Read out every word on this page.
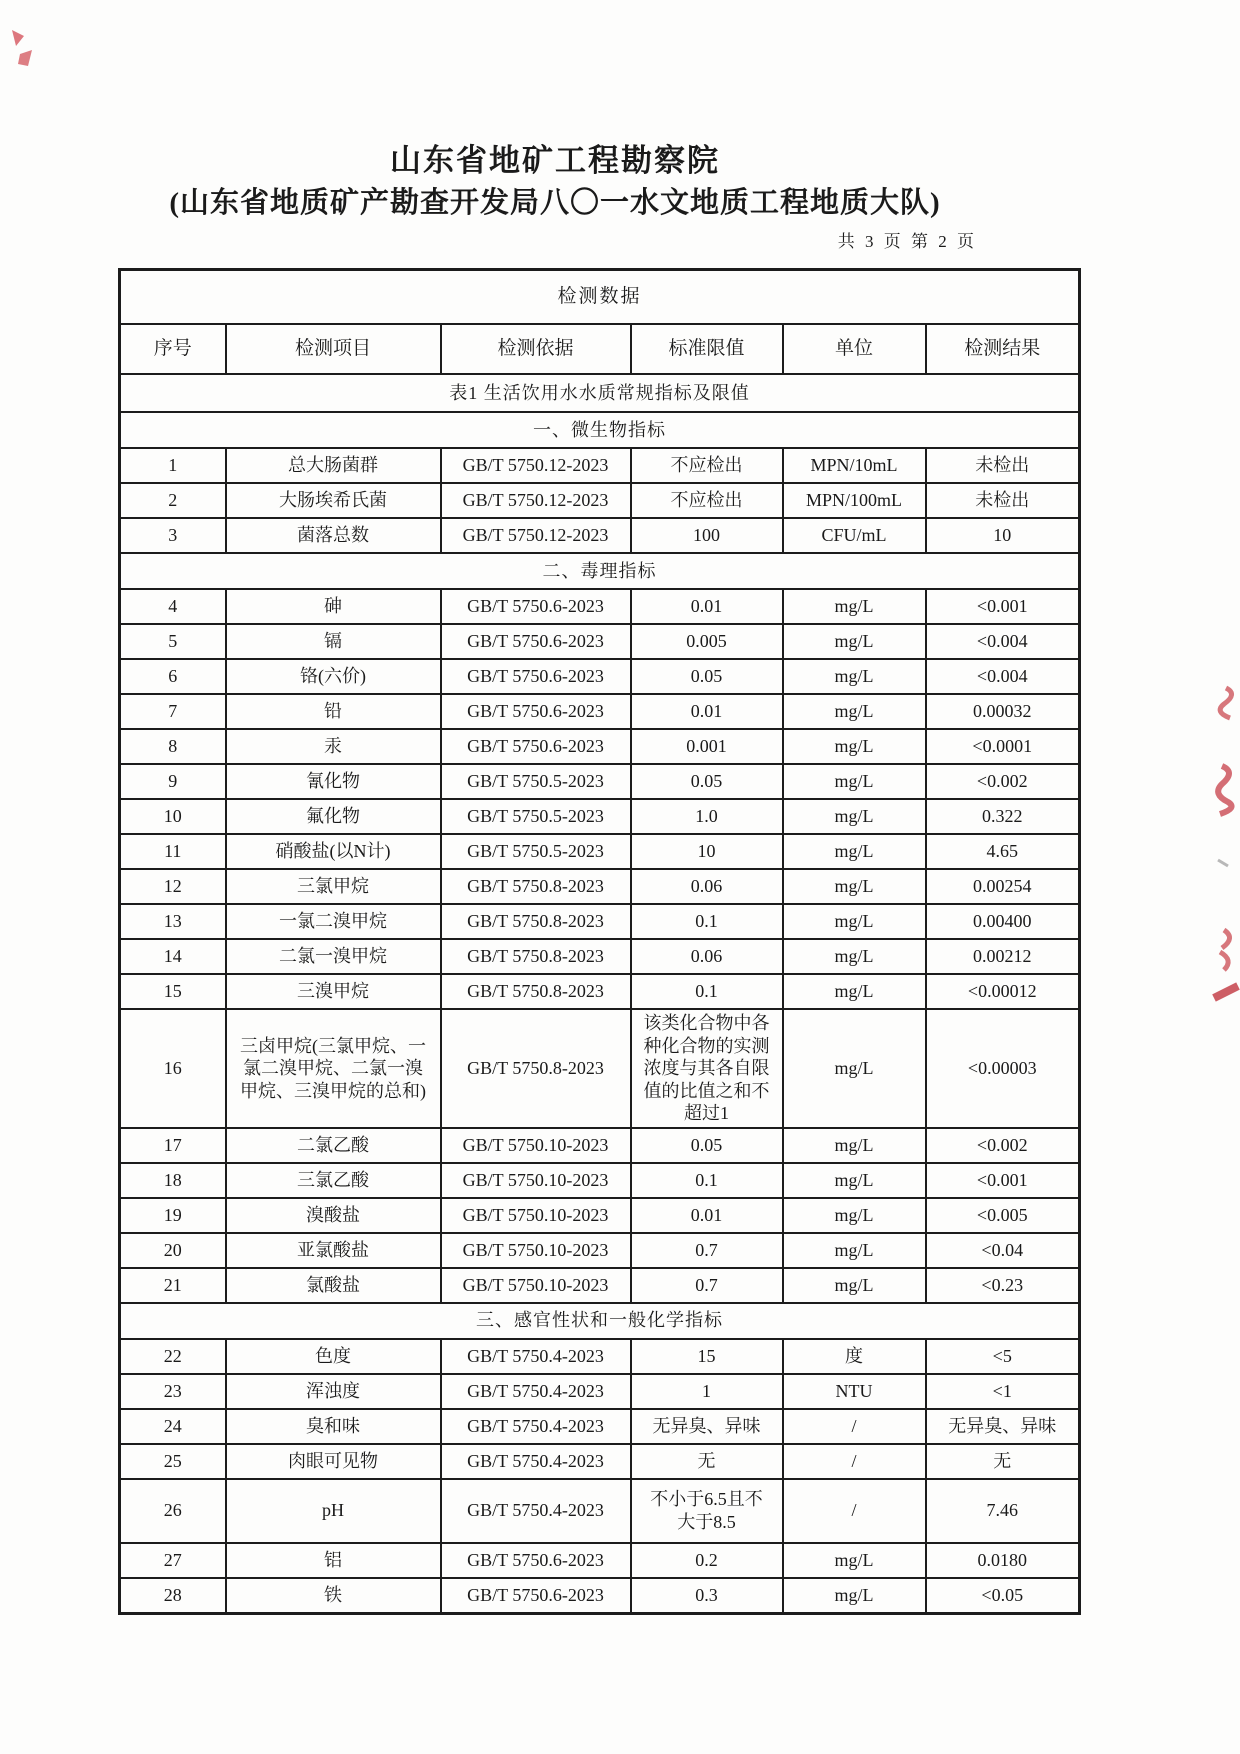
山东省地矿工程勘察院
(山东省地质矿产勘查开发局八〇一水文地质工程地质大队)
共 3 页 第 2 页
检测数据					
序号	检测项目	检测依据	标准限值	单位	检测结果
表1 生活饮用水水质常规指标及限值					
一、微生物指标					
1	总大肠菌群	GB/T 5750.12-2023	不应检出	MPN/10mL	未检出
2	大肠埃希氏菌	GB/T 5750.12-2023	不应检出	MPN/100mL	未检出
3	菌落总数	GB/T 5750.12-2023	100	CFU/mL	10
二、毒理指标					
4	砷	GB/T 5750.6-2023	0.01	mg/L	<0.001
5	镉	GB/T 5750.6-2023	0.005	mg/L	<0.004
6	铬(六价)	GB/T 5750.6-2023	0.05	mg/L	<0.004
7	铅	GB/T 5750.6-2023	0.01	mg/L	0.00032
8	汞	GB/T 5750.6-2023	0.001	mg/L	<0.0001
9	氰化物	GB/T 5750.5-2023	0.05	mg/L	<0.002
10	氟化物	GB/T 5750.5-2023	1.0	mg/L	0.322
11	硝酸盐(以N计)	GB/T 5750.5-2023	10	mg/L	4.65
12	三氯甲烷	GB/T 5750.8-2023	0.06	mg/L	0.00254
13	一氯二溴甲烷	GB/T 5750.8-2023	0.1	mg/L	0.00400
14	二氯一溴甲烷	GB/T 5750.8-2023	0.06	mg/L	0.00212
15	三溴甲烷	GB/T 5750.8-2023	0.1	mg/L	<0.00012
16	三卤甲烷(三氯甲烷、一氯二溴甲烷、二氯一溴甲烷、三溴甲烷的总和)	GB/T 5750.8-2023	该类化合物中各种化合物的实测浓度与其各自限值的比值之和不超过1	mg/L	<0.00003
17	二氯乙酸	GB/T 5750.10-2023	0.05	mg/L	<0.002
18	三氯乙酸	GB/T 5750.10-2023	0.1	mg/L	<0.001
19	溴酸盐	GB/T 5750.10-2023	0.01	mg/L	<0.005
20	亚氯酸盐	GB/T 5750.10-2023	0.7	mg/L	<0.04
21	氯酸盐	GB/T 5750.10-2023	0.7	mg/L	<0.23
三、感官性状和一般化学指标					
22	色度	GB/T 5750.4-2023	15	度	<5
23	浑浊度	GB/T 5750.4-2023	1	NTU	<1
24	臭和味	GB/T 5750.4-2023	无异臭、异味	/	无异臭、异味
25	肉眼可见物	GB/T 5750.4-2023	无	/	无
26	pH	GB/T 5750.4-2023	不小于6.5且不大于8.5	/	7.46
27	铝	GB/T 5750.6-2023	0.2	mg/L	0.0180
28	铁	GB/T 5750.6-2023	0.3	mg/L	<0.05
